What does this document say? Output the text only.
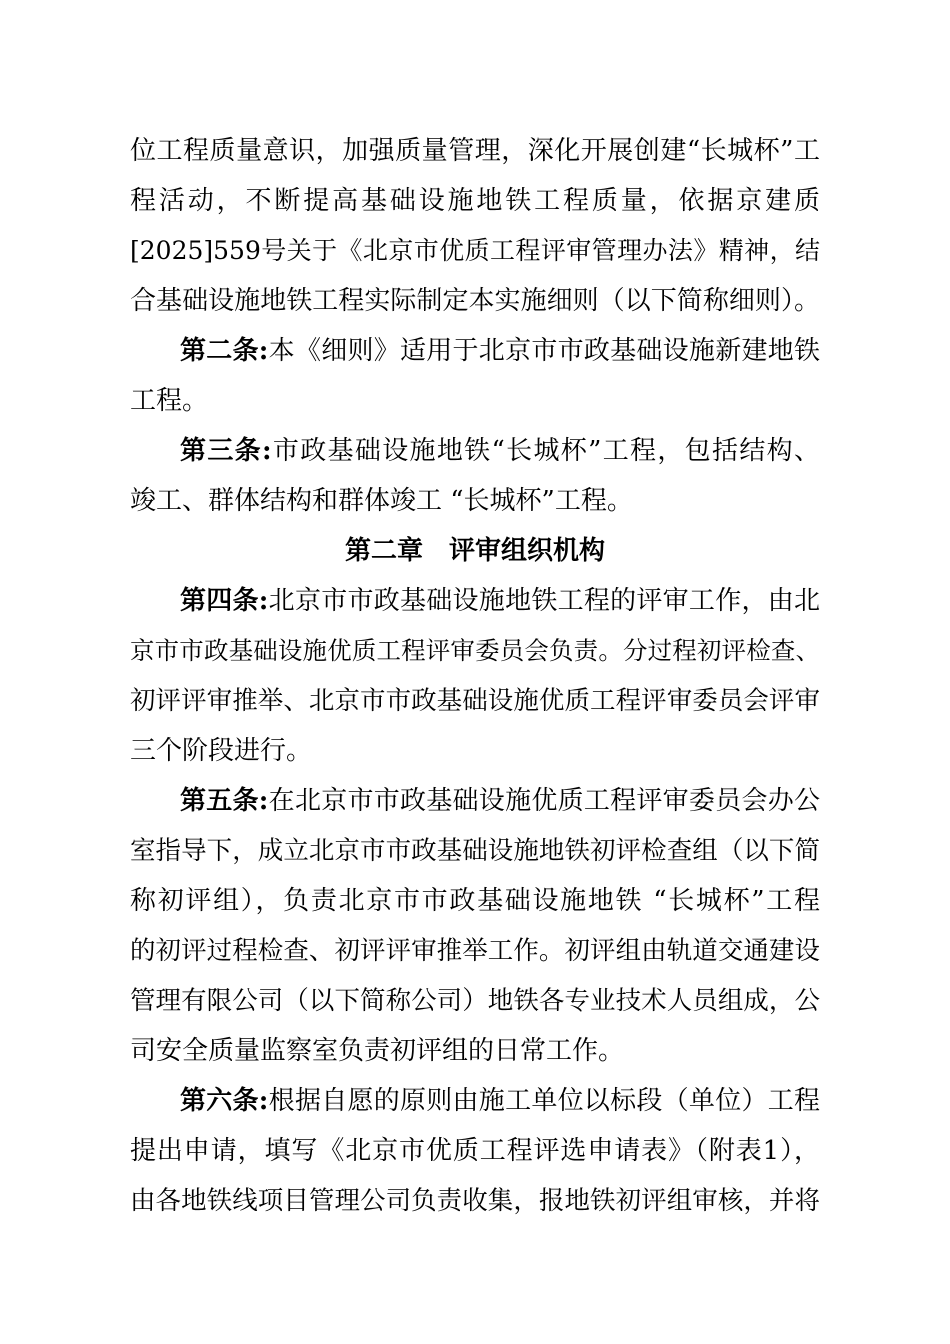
位工程质量意识，加强质量管理，深化开展创建“长城杯”工
程活动，不断提高基础设施地铁工程质量，依据京建质
[2025]559号关于《北京市优质工程评审管理办法》精神，结
合基础设施地铁工程实际制定本实施细则（以下简称细则）。
第二条:本《细则》适用于北京市市政基础设施新建地铁
工程。
第三条:市政基础设施地铁“长城杯”工程，包括结构、
竣工、群体结构和群体竣工 “长城杯”工程。
第二章　评审组织机构
第四条:北京市市政基础设施地铁工程的评审工作，由北
京市市政基础设施优质工程评审委员会负责。分过程初评检查、
初评评审推举、北京市市政基础设施优质工程评审委员会评审
三个阶段进行。
第五条:在北京市市政基础设施优质工程评审委员会办公
室指导下，成立北京市市政基础设施地铁初评检查组（以下简
称初评组），负责北京市市政基础设施地铁 “长城杯”工程
的初评过程检查、初评评审推举工作。初评组由轨道交通建设
管理有限公司（以下简称公司）地铁各专业技术人员组成，公
司安全质量监察室负责初评组的日常工作。
第六条:根据自愿的原则由施工单位以标段（单位）工程
提出申请，填写《北京市优质工程评选申请表》（附表1），
由各地铁线项目管理公司负责收集，报地铁初评组审核，并将
